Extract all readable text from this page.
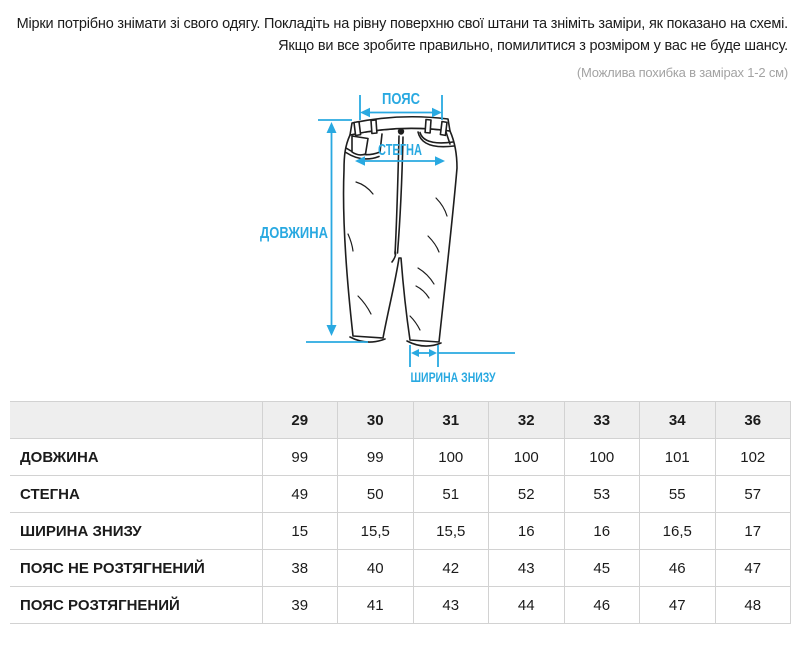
Мірки потрібно знімати зі свого одягу. Покладіть на рівну поверхню свої штани та зніміть заміри, як показано на схемі.
Якщо ви все зробите правильно, помилитися з розміром у вас не буде шансу.
(Можлива похибка в замірах 1-2 см)
ПОЯС
СТЕГНА
ДОВЖИНА
ШИРИНА ЗНИЗУ
	29	30	31	32	33	34	36
ДОВЖИНА	99	99	100	100	100	101	102
СТЕГНА	49	50	51	52	53	55	57
ШИРИНА ЗНИЗУ	15	15,5	15,5	16	16	16,5	17
ПОЯС НЕ РОЗТЯГНЕНИЙ	38	40	42	43	45	46	47
ПОЯС РОЗТЯГНЕНИЙ	39	41	43	44	46	47	48
